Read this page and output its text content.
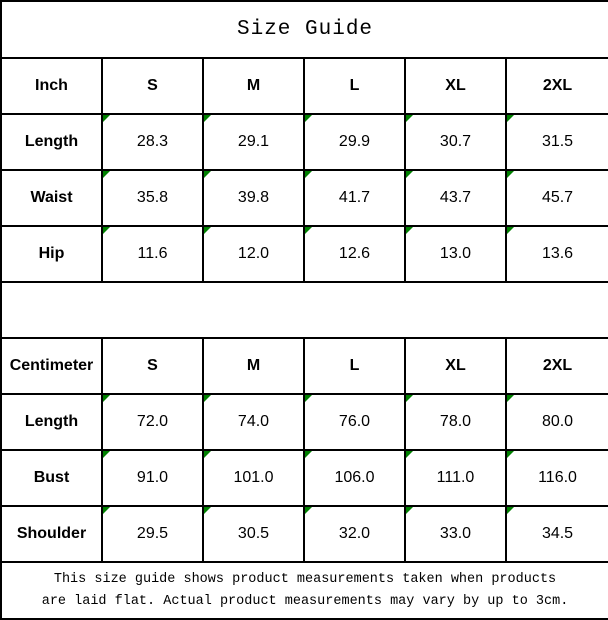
Size Guide					
Inch	S	M	L	XL	2XL
Length	28.3	29.1	29.9	30.7	31.5
Waist	35.8	39.8	41.7	43.7	45.7
Hip	11.6	12.0	12.6	13.0	13.6

Centimeter	S	M	L	XL	2XL
Length	72.0	74.0	76.0	78.0	80.0
Bust	91.0	101.0	106.0	111.0	116.0
Shoulder	29.5	30.5	32.0	33.0	34.5

This size guide shows product measurements taken when products
are laid flat. Actual product measurements may vary by up to 3cm.					
